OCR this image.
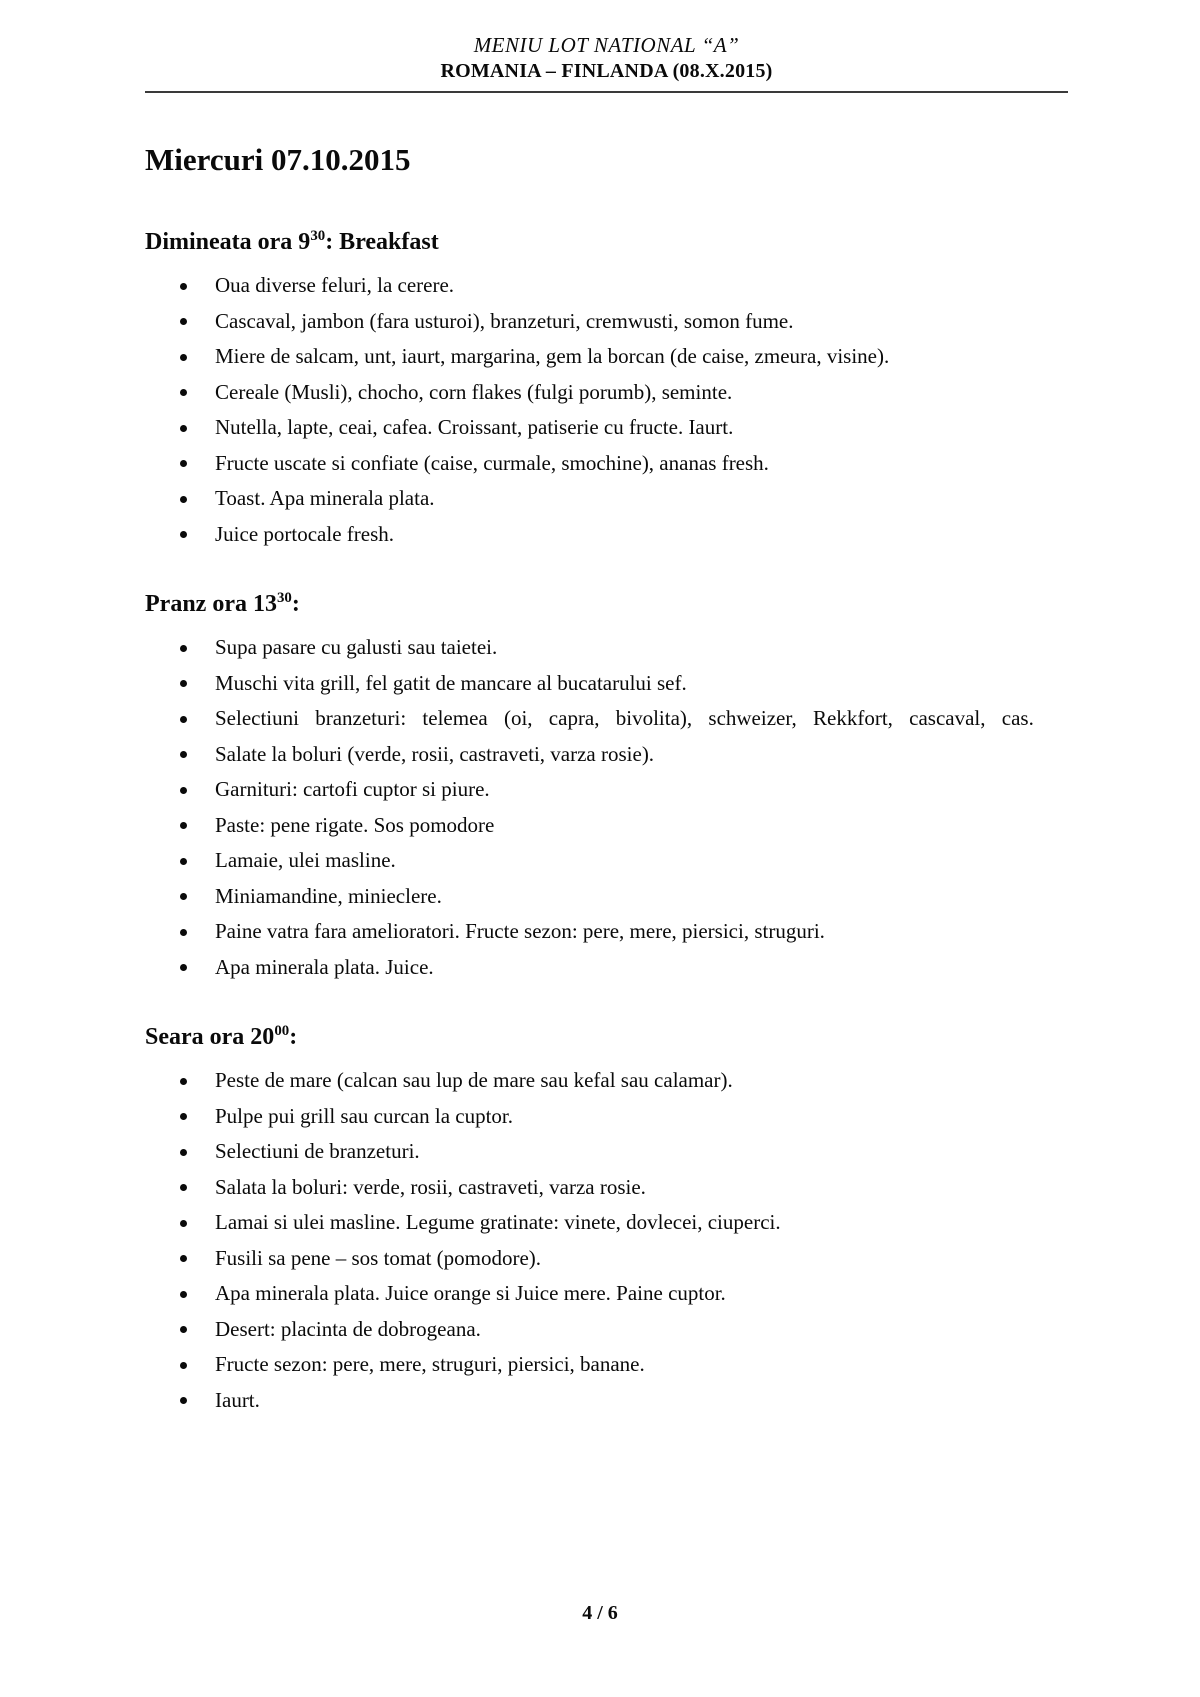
MENIU LOT NATIONAL “A”
ROMANIA – FINLANDA (08.X.2015)
Miercuri 07.10.2015
Dimineata ora $9^{30}$: Breakfast
Oua diverse feluri, la cerere.
Cascaval, jambon (fara usturoi), branzeturi, cremwusti, somon fume.
Miere de salcam, unt, iaurt, margarina, gem la borcan (de caise, zmeura, visine).
Cereale (Musli), chocho, corn flakes (fulgi porumb), seminte.
Nutella, lapte, ceai, cafea. Croissant, patiserie cu fructe. Iaurt.
Fructe uscate si confiate (caise, curmale, smochine), ananas fresh.
Toast. Apa minerala plata.
Juice portocale fresh.
Pranz ora $13^{30}$:
Supa pasare cu galusti sau taietei.
Muschi vita grill, fel gatit de mancare al bucatarului sef.
Selectiuni branzeturi: telemea (oi, capra, bivolita), schweizer, Rekkfort, cascaval, cas.
Salate la boluri (verde, rosii, castraveti, varza rosie).
Garnituri: cartofi cuptor si piure.
Paste: pene rigate. Sos pomodore
Lamaie, ulei masline.
Miniamandine, minieclere.
Paine vatra fara amelioratori. Fructe sezon: pere, mere, piersici, struguri.
Apa minerala plata. Juice.
Seara ora $20^{00}$:
Peste de mare (calcan sau lup de mare sau kefal sau calamar).
Pulpe pui grill sau curcan la cuptor.
Selectiuni de branzeturi.
Salata la boluri: verde, rosii, castraveti, varza rosie.
Lamai si ulei masline. Legume gratinate: vinete, dovlecei, ciuperci.
Fusili sa pene – sos tomat (pomodore).
Apa minerala plata. Juice orange si Juice mere. Paine cuptor.
Desert: placinta de dobrogeana.
Fructe sezon: pere, mere, struguri, piersici, banane.
Iaurt.
4 / 6
